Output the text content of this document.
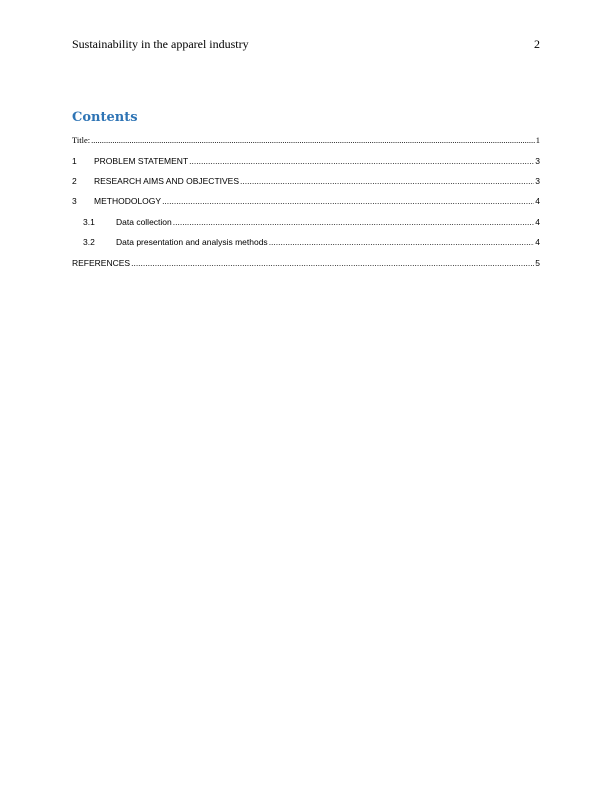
Sustainability in the apparel industry	2
Contents
Title: .....	1
1	PROBLEM STATEMENT .....	3
2	RESEARCH AIMS AND OBJECTIVES .....	3
3	METHODOLOGY .....	4
3.1	Data collection .....	4
3.2	Data presentation and analysis methods .....	4
REFERENCES .....	5
